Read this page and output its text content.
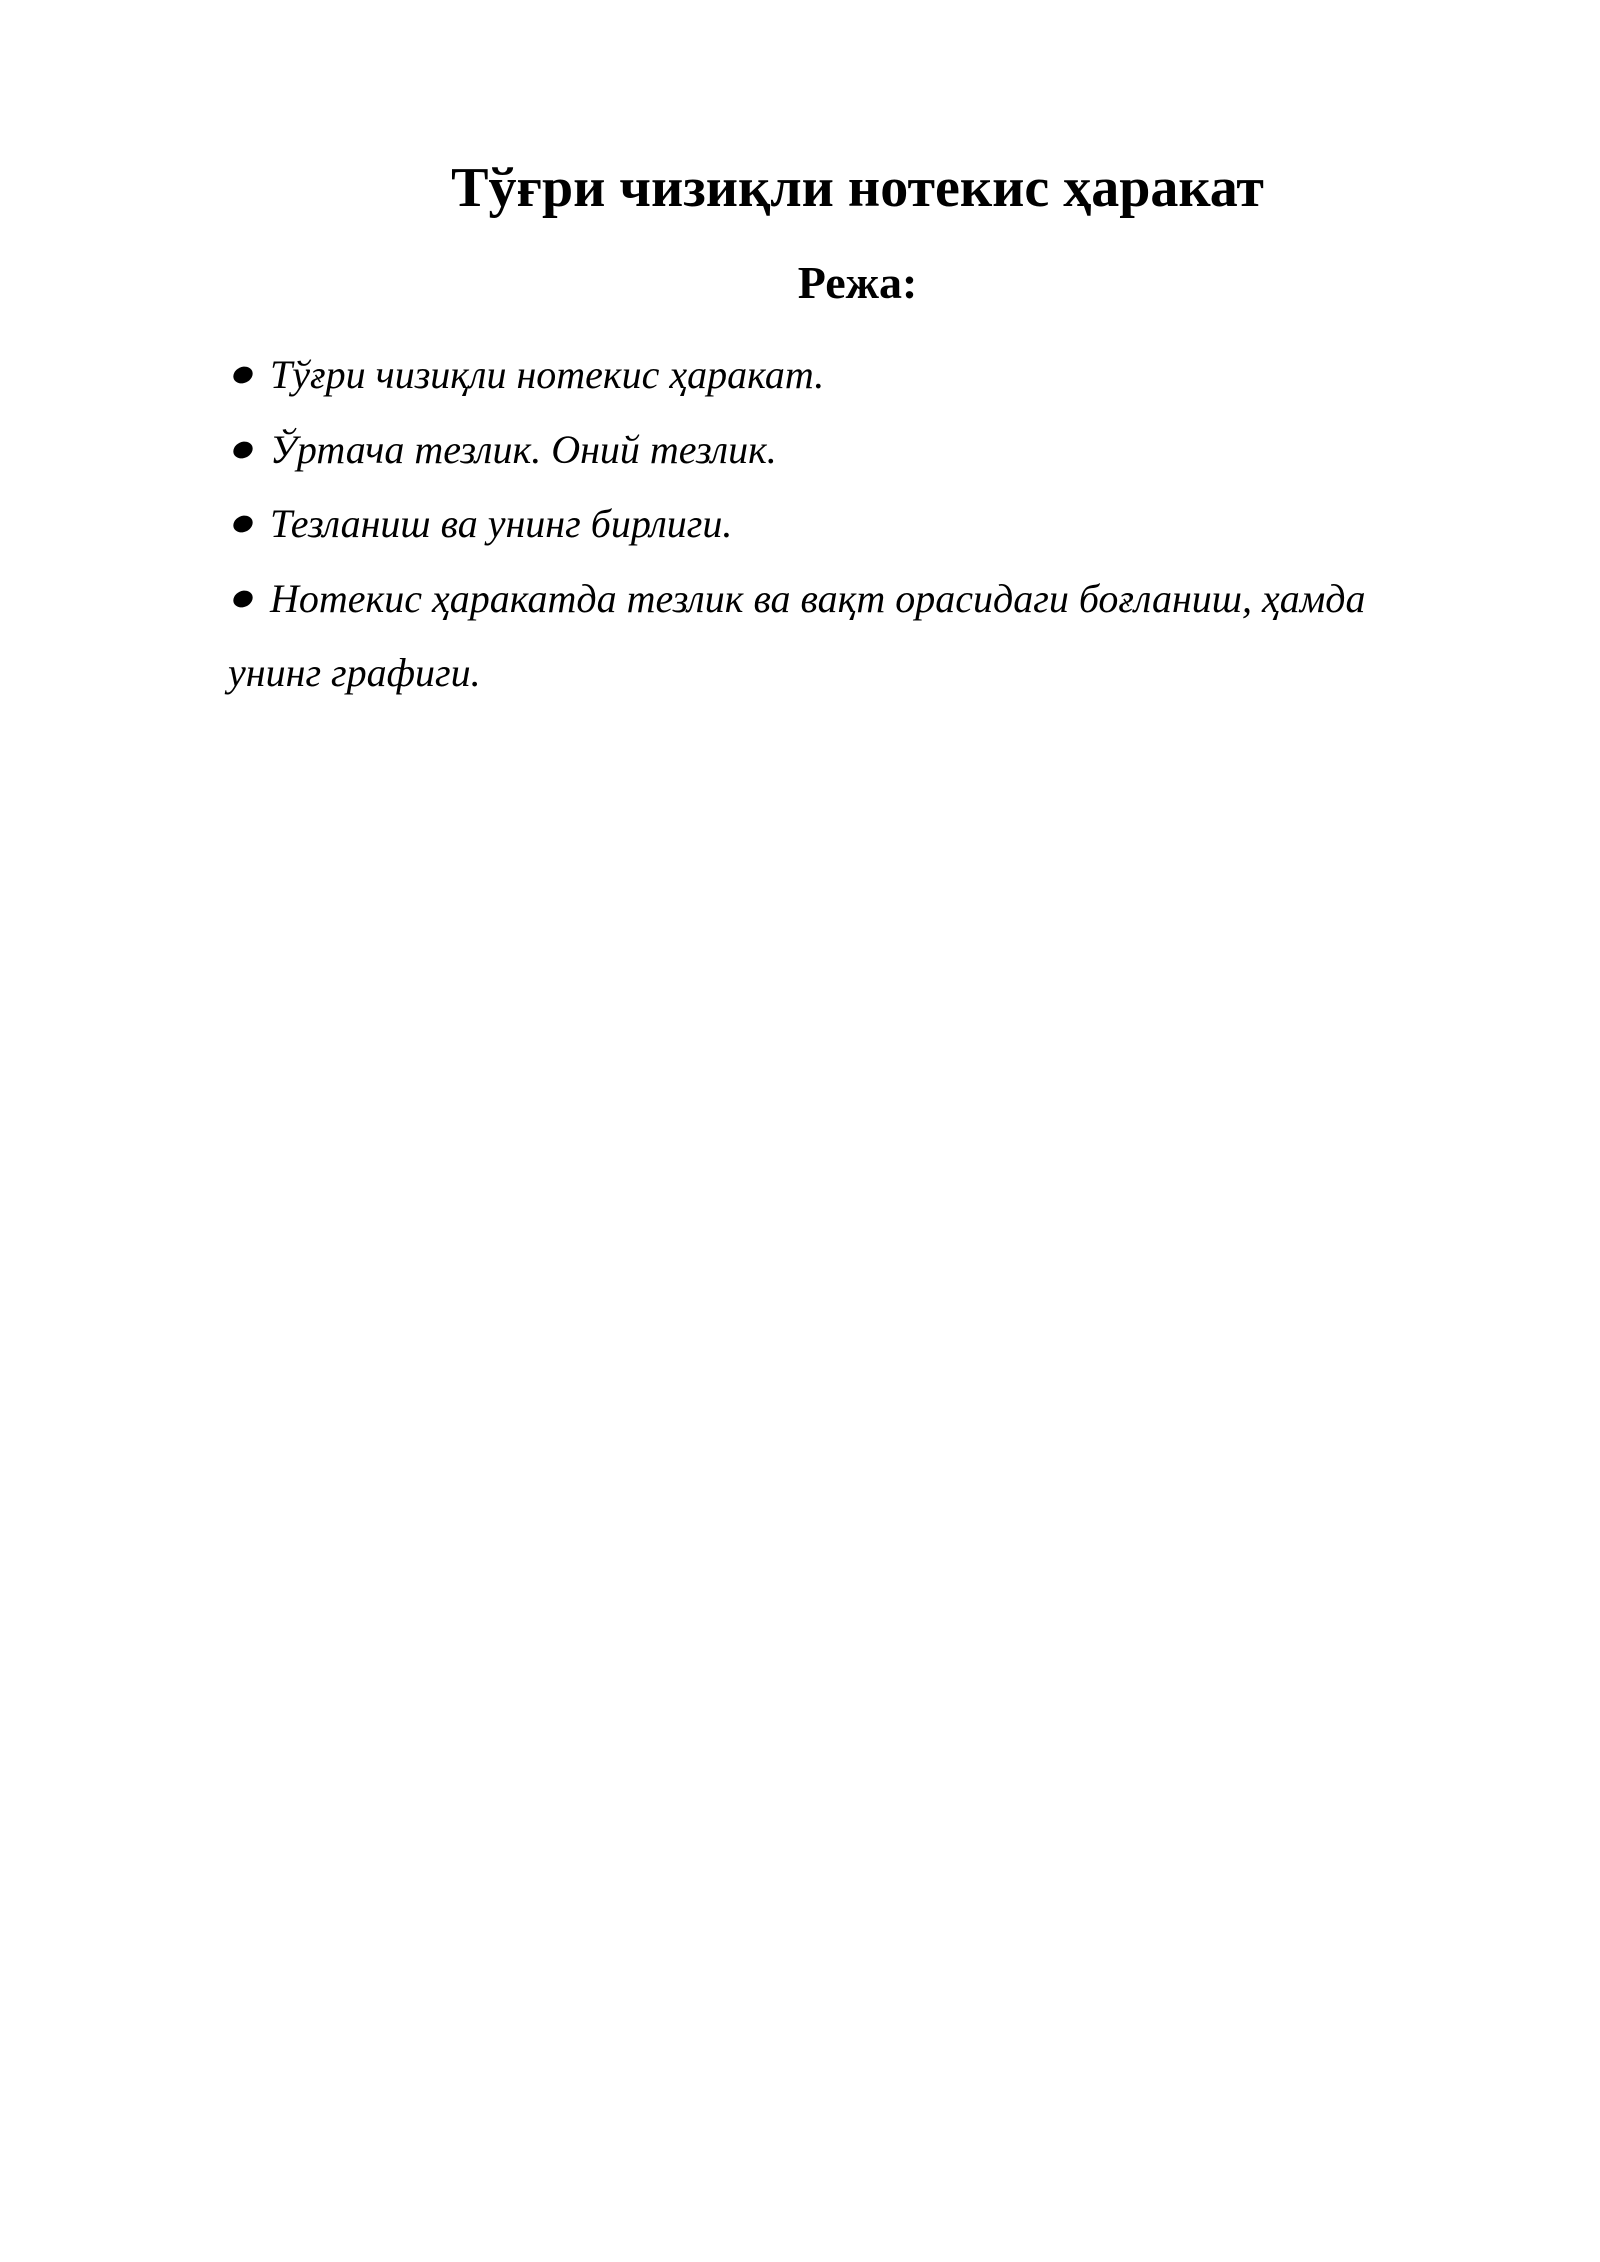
Тўғри чизиқли нотекис ҳаракат
Режа:
Тўғри чизиқли нотекис ҳаракат.
Ўртача тезлик. Оний тезлик.
Тезланиш ва унинг бирлиги.
Нотекис ҳаракатда тезлик ва вақт орасидаги боғланиш, ҳамда унинг графиги.
